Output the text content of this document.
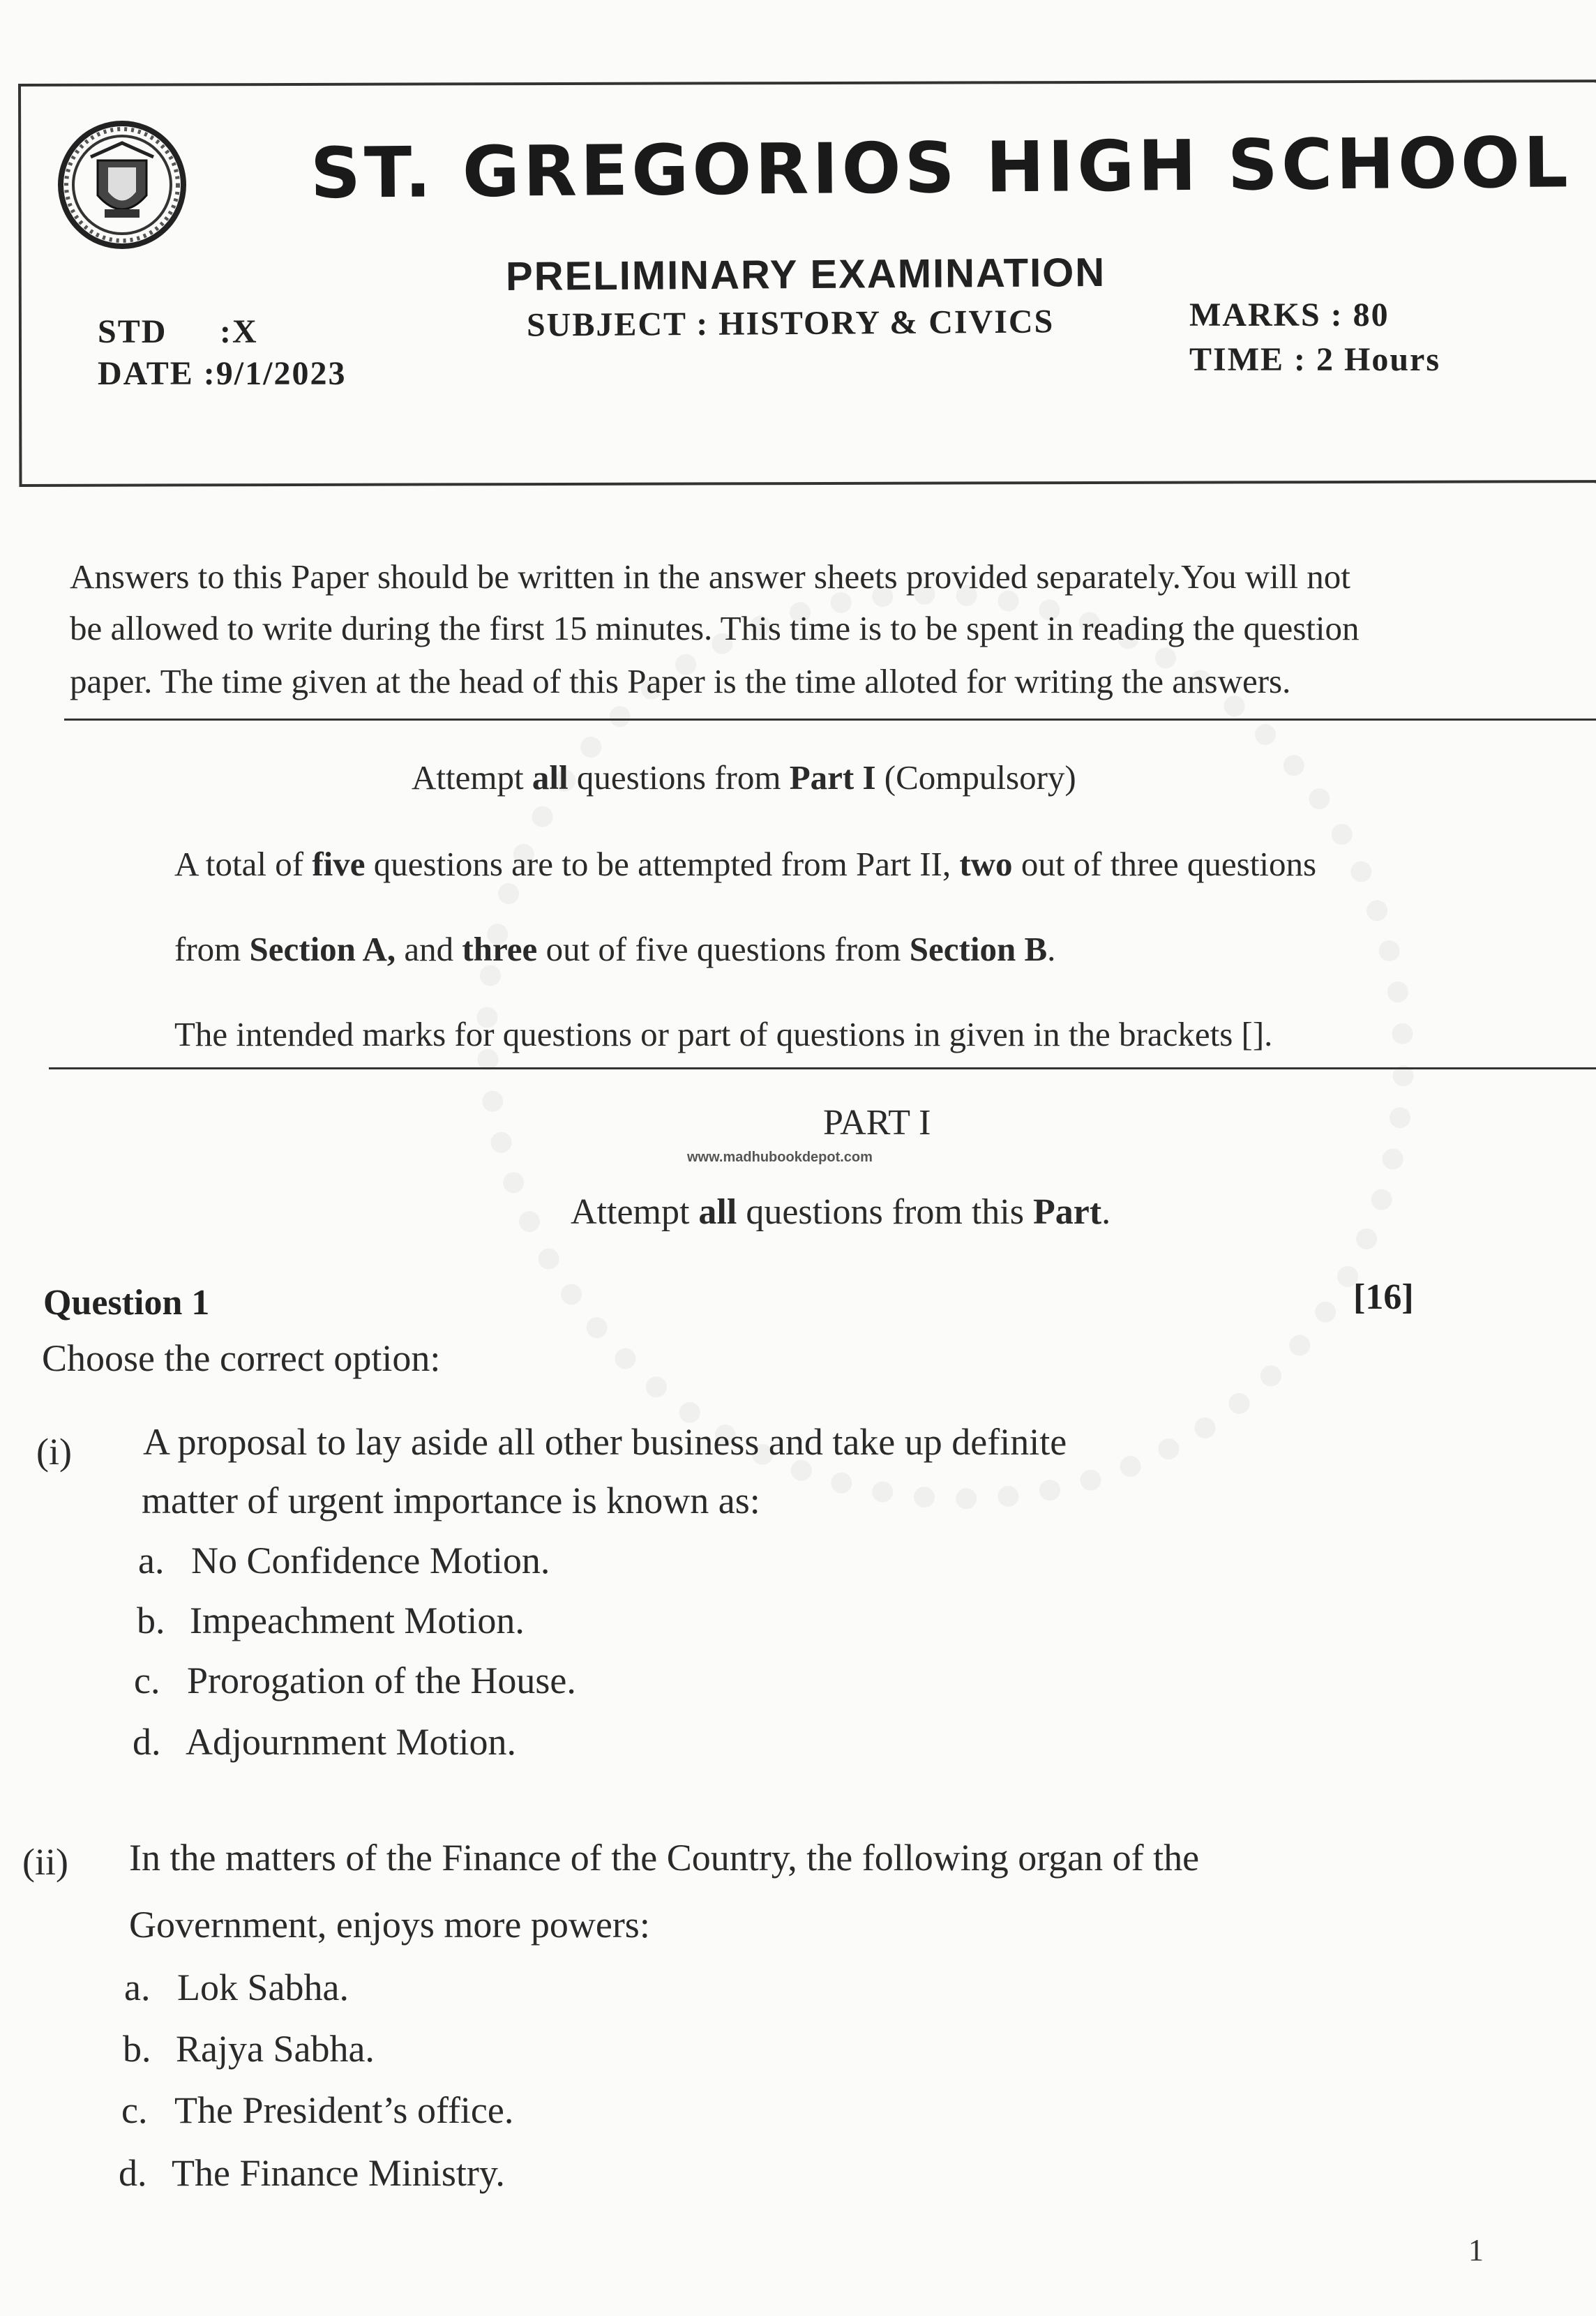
ST. GREGORIOS HIGH SCHOOL
PRELIMINARY EXAMINATION
STD :X
DATE :9/1/2023
SUBJECT : HISTORY & CIVICS	MARKS : 80
TIME : 2 Hours
Answers to this Paper should be written in the answer sheets provided separately.You will not
be allowed to write during the first 15 minutes. This time is to be spent in reading the question
paper. The time given at the head of this Paper is the time alloted for writing the answers.
Attempt all questions from Part I (Compulsory)
A total of five questions are to be attempted from Part II, two out of three questions
from Section A, and three out of five questions from Section B.
The intended marks for questions or part of questions in given in the brackets [].
PART I
www.madhubookdepot.com
Attempt all questions from this Part.
Question 1	[16]
Choose the correct option:
(i) A proposal to lay aside all other business and take up definite
matter of urgent importance is known as:
a. No Confidence Motion.
b. Impeachment Motion.
c. Prorogation of the House.
d. Adjournment Motion.
(ii) In the matters of the Finance of the Country, the following organ of the
Government, enjoys more powers:
a. Lok Sabha.
b. Rajya Sabha.
c. The President’s office.
d. The Finance Ministry.
1
